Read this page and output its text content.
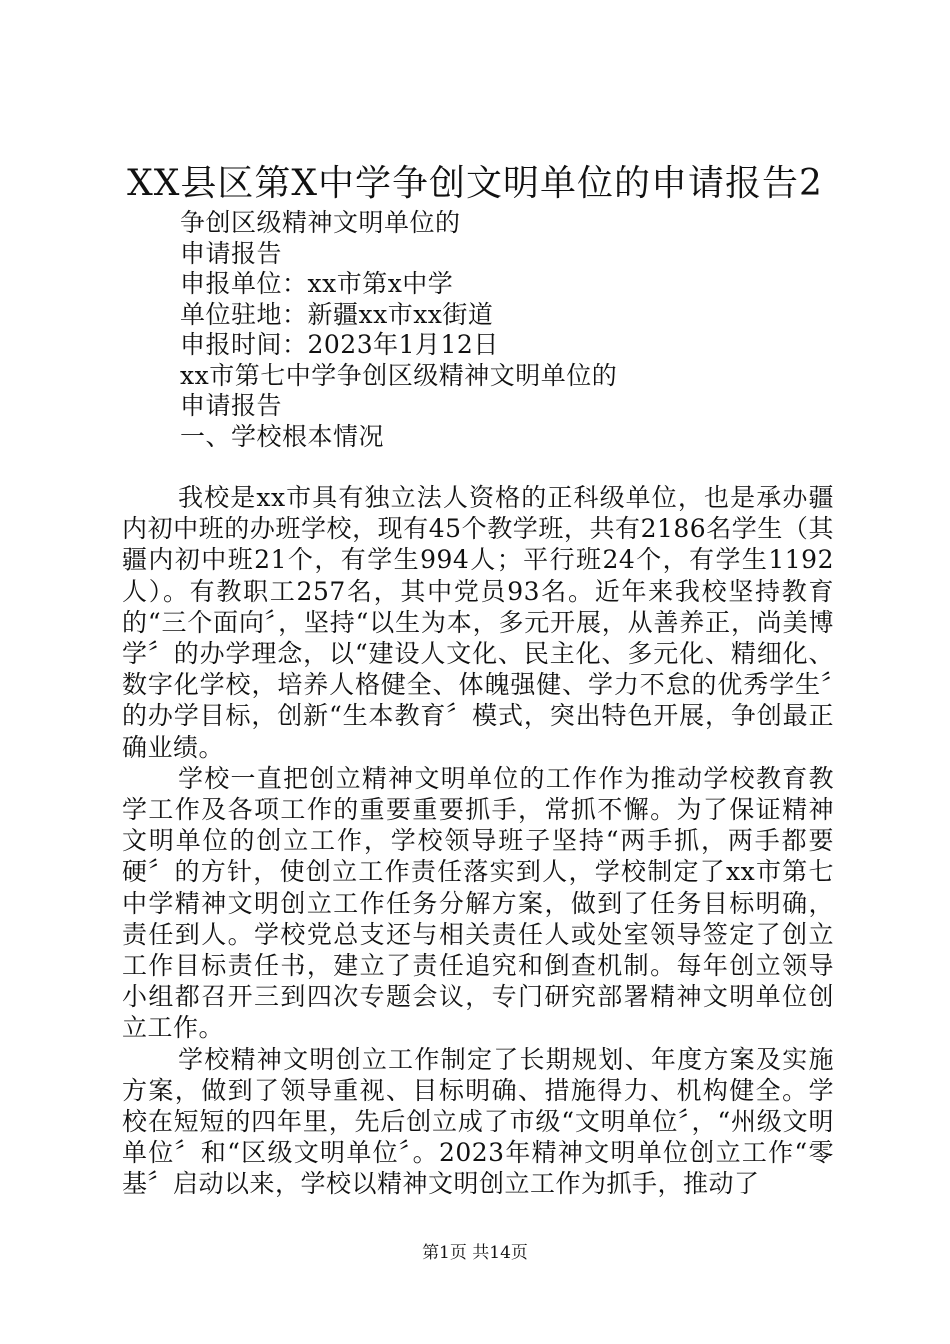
XX县区第X中学争创文明单位的申请报告2
争创区级精神文明单位的
申请报告
申报单位：xx市第x中学
单位驻地：新疆xx市xx街道
申报时间：2023年1月12日
xx市第七中学争创区级精神文明单位的
申请报告
一、学校根本情况

我校是xx市具有独立法人资格的正科级单位，也是承办疆内初中班的办班学校，现有45个教学班，共有2186名学生（其疆内初中班21个，有学生994人；平行班24个，有学生1192人）。有教职工257名，其中党员93名。近年来我校坚持教育的“三个面向〞，坚持“以生为本，多元开展，从善养正，尚美博学〞的办学理念，以“建设人文化、民主化、多元化、精细化、数字化学校，培养人格健全、体魄强健、学力不怠的优秀学生〞的办学目标，创新“生本教育〞模式，突出特色开展，争创最正确业绩。

学校一直把创立精神文明单位的工作作为推动学校教育教学工作及各项工作的重要重要抓手，常抓不懈。为了保证精神文明单位的创立工作，学校领导班子坚持“两手抓，两手都要硬〞的方针，使创立工作责任落实到人，学校制定了xx市第七中学精神文明创立工作任务分解方案，做到了任务目标明确，责任到人。学校党总支还与相关责任人或处室领导签定了创立工作目标责任书，建立了责任追究和倒查机制。每年创立领导小组都召开三到四次专题会议，专门研究部署精神文明单位创立工作。

学校精神文明创立工作制定了长期规划、年度方案及实施方案，做到了领导重视、目标明确、措施得力、机构健全。学校在短短的四年里，先后创立成了市级“文明单位〞，“州级文明单位〞和“区级文明单位〞。2023年精神文明单位创立工作“零基〞启动以来，学校以精神文明创立工作为抓手，推动了

第1页 共14页
